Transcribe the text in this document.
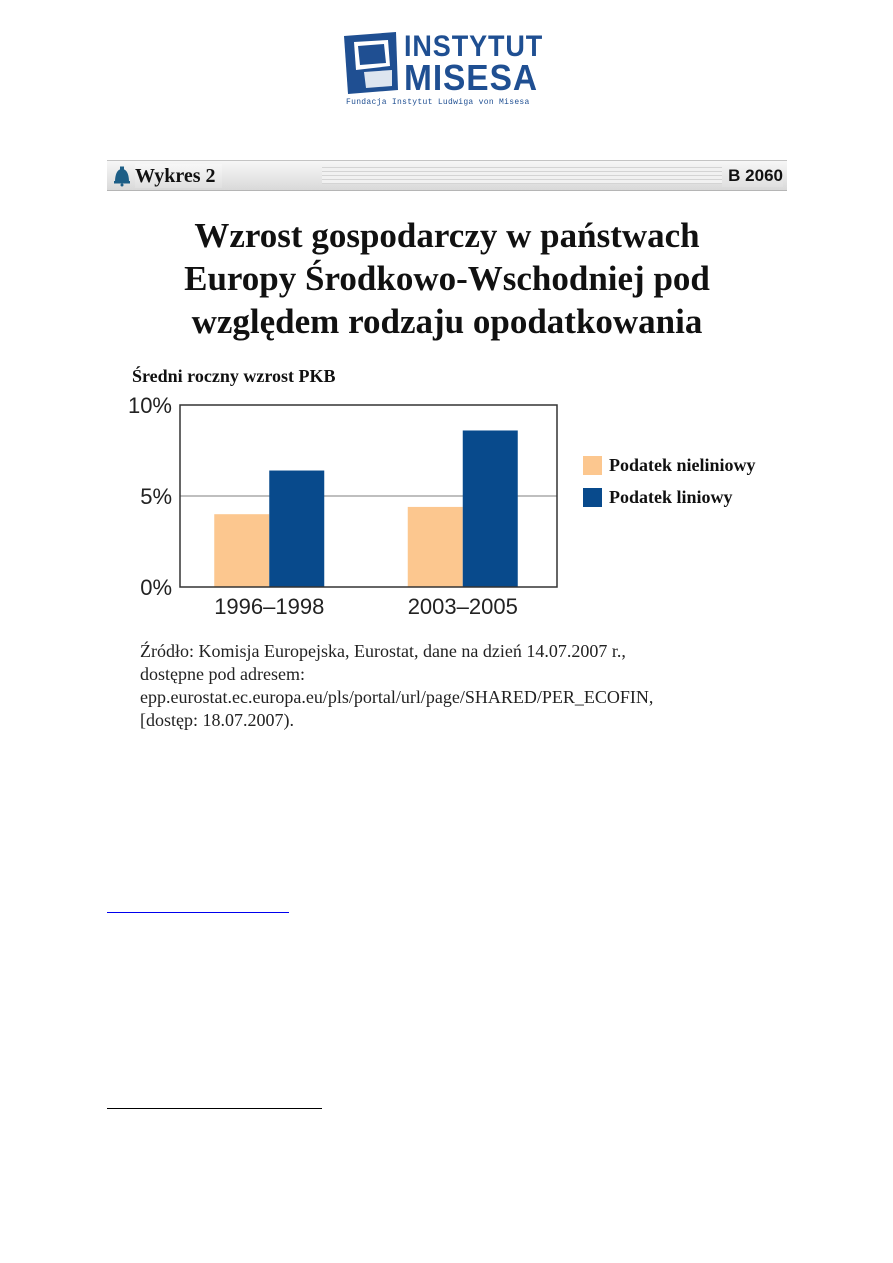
INSTYTUT
MISESA
Fundacja Instytut Ludwiga von Misesa
Wykres 2	B 2060
Wzrost gospodarczy w państwach
Europy Środkowo-Wschodniej pod
względem rodzaju opodatkowania
Średni roczny wzrost PKB
1996–1998	2003–2005
0%
5%
10%
Podatek nieliniowy
Podatek liniowy
Źródło: Komisja Europejska, Eurostat, dane na dzień 14.07.2007 r.,
dostępne pod adresem:
epp.eurostat.ec.europa.eu/pls/portal/url/page/SHARED/PER_ECOFIN,
[dostęp: 18.07.2007).
